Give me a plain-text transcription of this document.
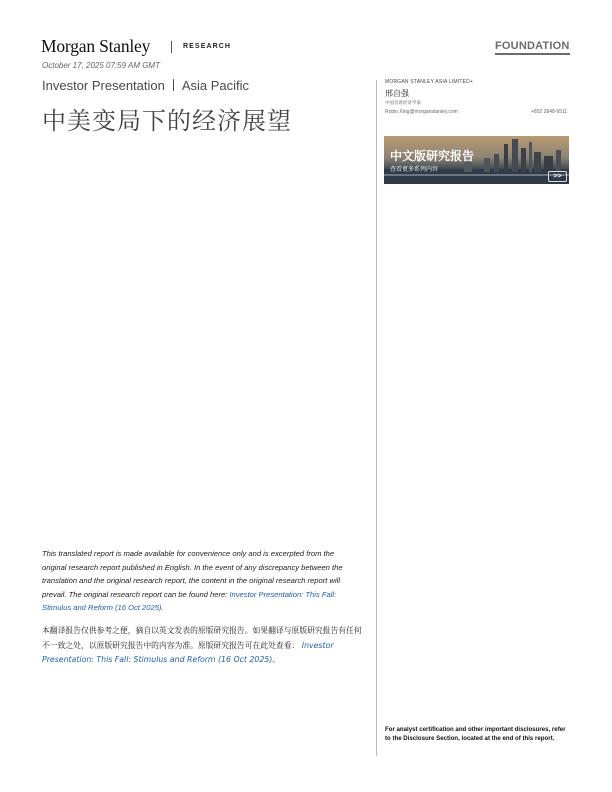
Morgan Stanley	RESEARCH	FOUNDATION
October 17, 2025 07:59 AM GMT
Investor Presentation Asia Pacific
中美变局下的经济展望
MORGAN STANLEY ASIA LIMITED+
邢自强
中国首席经济学家
Robin.Xing@morganstanley.com	+852 2848-6511
中文版研究报告
查看更多系列内容
>>
This translated report is made available for convenience only and is excerpted from the original research report published in English. In the event of any discrepancy between the translation and the original research report, the content in the original research report will prevail. The original research report can be found here: Investor Presentation: This Fall: Stimulus and Reform (16 Oct 2025).
本翻译报告仅供参考之便，摘自以英文发表的原版研究报告。如果翻译与原版研究报告有任何不一致之处，以原版研究报告中的内容为准。原版研究报告可在此处查看： Investor Presentation: This Fall: Stimulus and Reform (16 Oct 2025)。
For analyst certification and other important disclosures, refer to the Disclosure Section, located at the end of this report.
